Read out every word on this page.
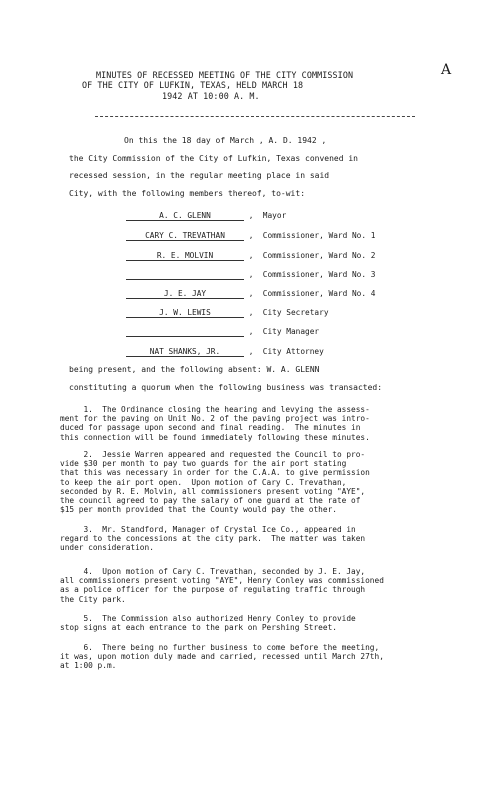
A
MINUTES OF RECESSED MEETING OF THE CITY COMMISSION
OF THE CITY OF LUFKIN, TEXAS, HELD MARCH 18
1942 AT 10:00 A. M.
On this the 18 day of March , A. D. 1942 ,
the City Commission of the City of Lufkin, Texas convened in
recessed session, in the regular meeting place in said
City, with the following members thereof, to-wit:
A. C. GLENN	,  Mayor
CARY C. TREVATHAN	,  Commissioner, Ward No. 1
R. E. MOLVIN	,  Commissioner, Ward No. 2
,  Commissioner, Ward No. 3
J. E. JAY	,  Commissioner, Ward No. 4
J. W. LEWIS	,  City Secretary
,  City Manager
NAT SHANKS, JR.	,  City Attorney
being present, and the following absent: W. A. GLENN
constituting a quorum when the following business was transacted:
1.  The Ordinance closing the hearing and levying the assess-
ment for the paving on Unit No. 2 of the paving project was intro-
duced for passage upon second and final reading.  The minutes in
this connection will be found immediately following these minutes.
2.  Jessie Warren appeared and requested the Council to pro-
vide $30 per month to pay two guards for the air port stating
that this was necessary in order for the C.A.A. to give permission
to keep the air port open.  Upon motion of Cary C. Trevathan,
seconded by R. E. Molvin, all commissioners present voting "AYE",
the council agreed to pay the salary of one guard at the rate of
$15 per month provided that the County would pay the other.
3.  Mr. Standford, Manager of Crystal Ice Co., appeared in
regard to the concessions at the city park.  The matter was taken
under consideration.
4.  Upon motion of Cary C. Trevathan, seconded by J. E. Jay,
all commissioners present voting "AYE", Henry Conley was commissioned
as a police officer for the purpose of regulating traffic through
the City park.
5.  The Commission also authorized Henry Conley to provide
stop signs at each entrance to the park on Pershing Street.
6.  There being no further business to come before the meeting,
it was, upon motion duly made and carried, recessed until March 27th,
at 1:00 p.m.
